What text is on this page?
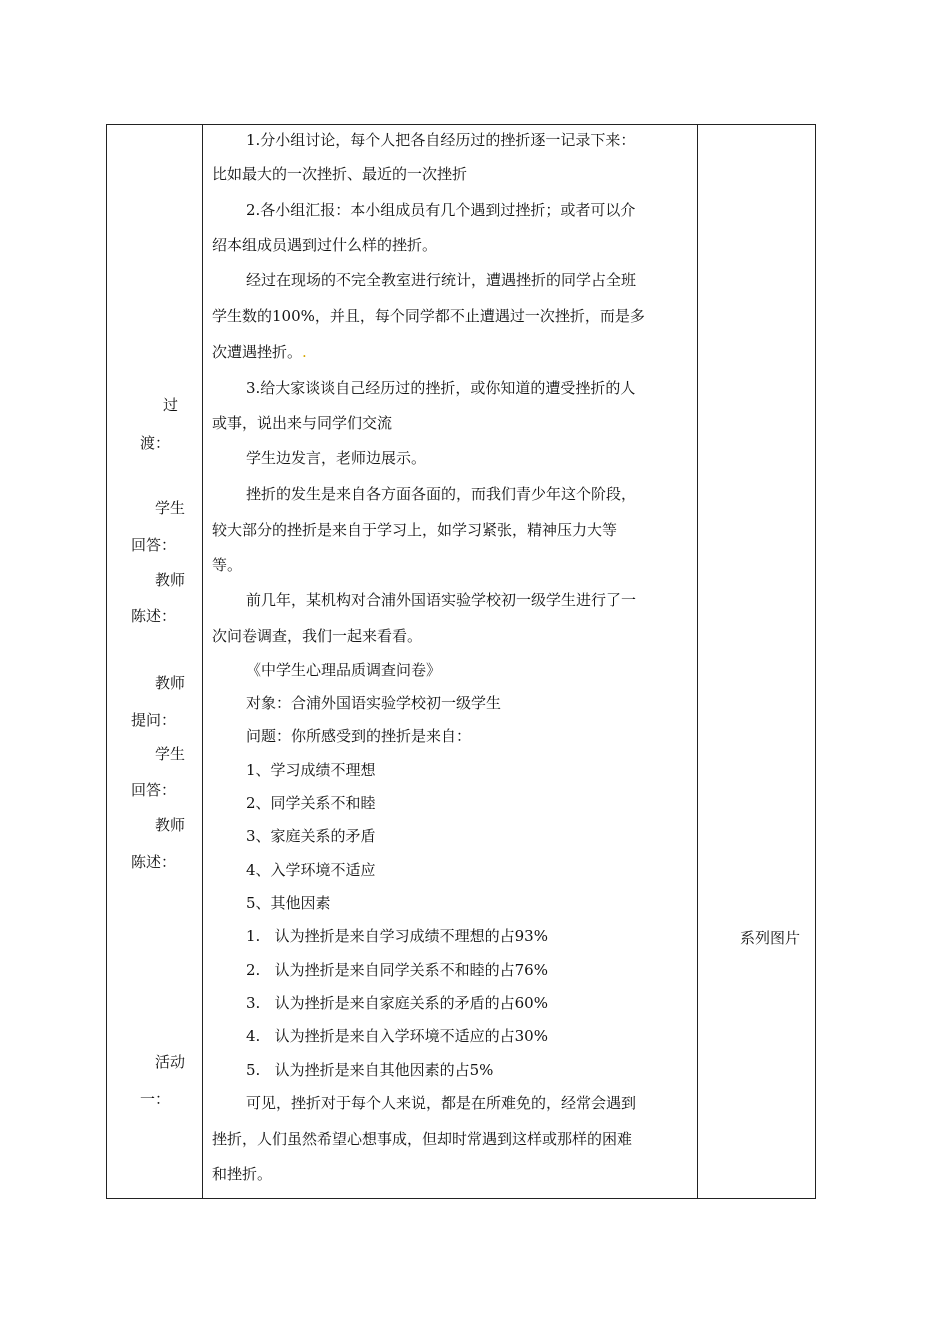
过
渡：
学生
回答：
教师
陈述：
教师
提问：
学生
回答：
教师
陈述：
活动
一：
1.分小组讨论，每个人把各自经历过的挫折逐一记录下来：
比如最大的一次挫折、最近的一次挫折
2.各小组汇报：本小组成员有几个遇到过挫折；或者可以介
绍本组成员遇到过什么样的挫折。
经过在现场的不完全教室进行统计，遭遇挫折的同学占全班
学生数的100%，并且，每个同学都不止遭遇过一次挫折，而是多
次遭遇挫折。.
3.给大家谈谈自己经历过的挫折，或你知道的遭受挫折的人
或事，说出来与同学们交流
学生边发言，老师边展示。
挫折的发生是来自各方面各面的，而我们青少年这个阶段，
较大部分的挫折是来自于学习上，如学习紧张，精神压力大等
等。
前几年，某机构对合浦外国语实验学校初一级学生进行了一
次问卷调查，我们一起来看看。
《中学生心理品质调查问卷》
对象：合浦外国语实验学校初一级学生
问题：你所感受到的挫折是来自：
1、学习成绩不理想
2、同学关系不和睦
3、家庭关系的矛盾
4、入学环境不适应
5、其他因素
1.   认为挫折是来自学习成绩不理想的占93%
2.   认为挫折是来自同学关系不和睦的占76%
3.   认为挫折是来自家庭关系的矛盾的占60%
4.   认为挫折是来自入学环境不适应的占30%
5.   认为挫折是来自其他因素的占5%
可见，挫折对于每个人来说，都是在所难免的，经常会遇到
挫折，人们虽然希望心想事成，但却时常遇到这样或那样的困难
和挫折。
系列图片
